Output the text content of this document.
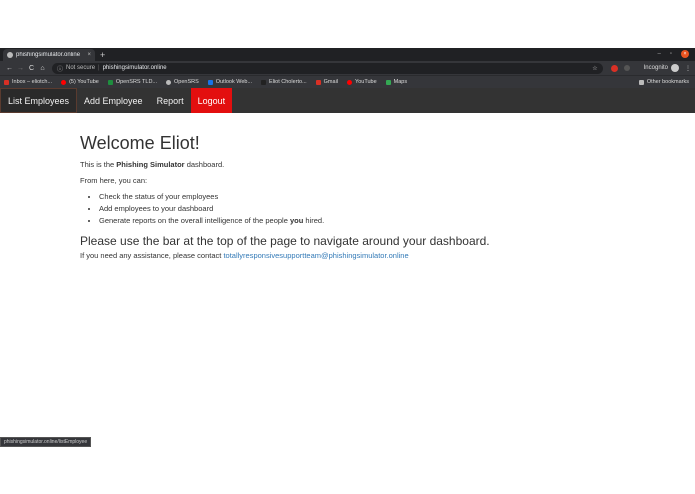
phishingsimulator.online	× +	– ▫	×
← → C ⌂	ⓘ Not secure | phishingsimulator.online	☆	Incognito	⋮
Inbox – eliotch...	(5) YouTube	OpenSRS TLD...	OpenSRS	Outlook Web...	Eliot Cholerto...	Gmail	YouTube	Maps	Other bookmarks
List Employees	Add Employee	Report	Logout
Welcome Eliot!

This is the Phishing Simulator dashboard.

From here, you can:

• Check the status of your employees
• Add employees to your dashboard
• Generate reports on the overall intelligence of the people you hired.
Please use the bar at the top of the page to navigate around your dashboard.

If you need any assistance, please contact totallyresponsivesupportteam@phishingsimulator.online

phishingsimulator.online/listEmployee
